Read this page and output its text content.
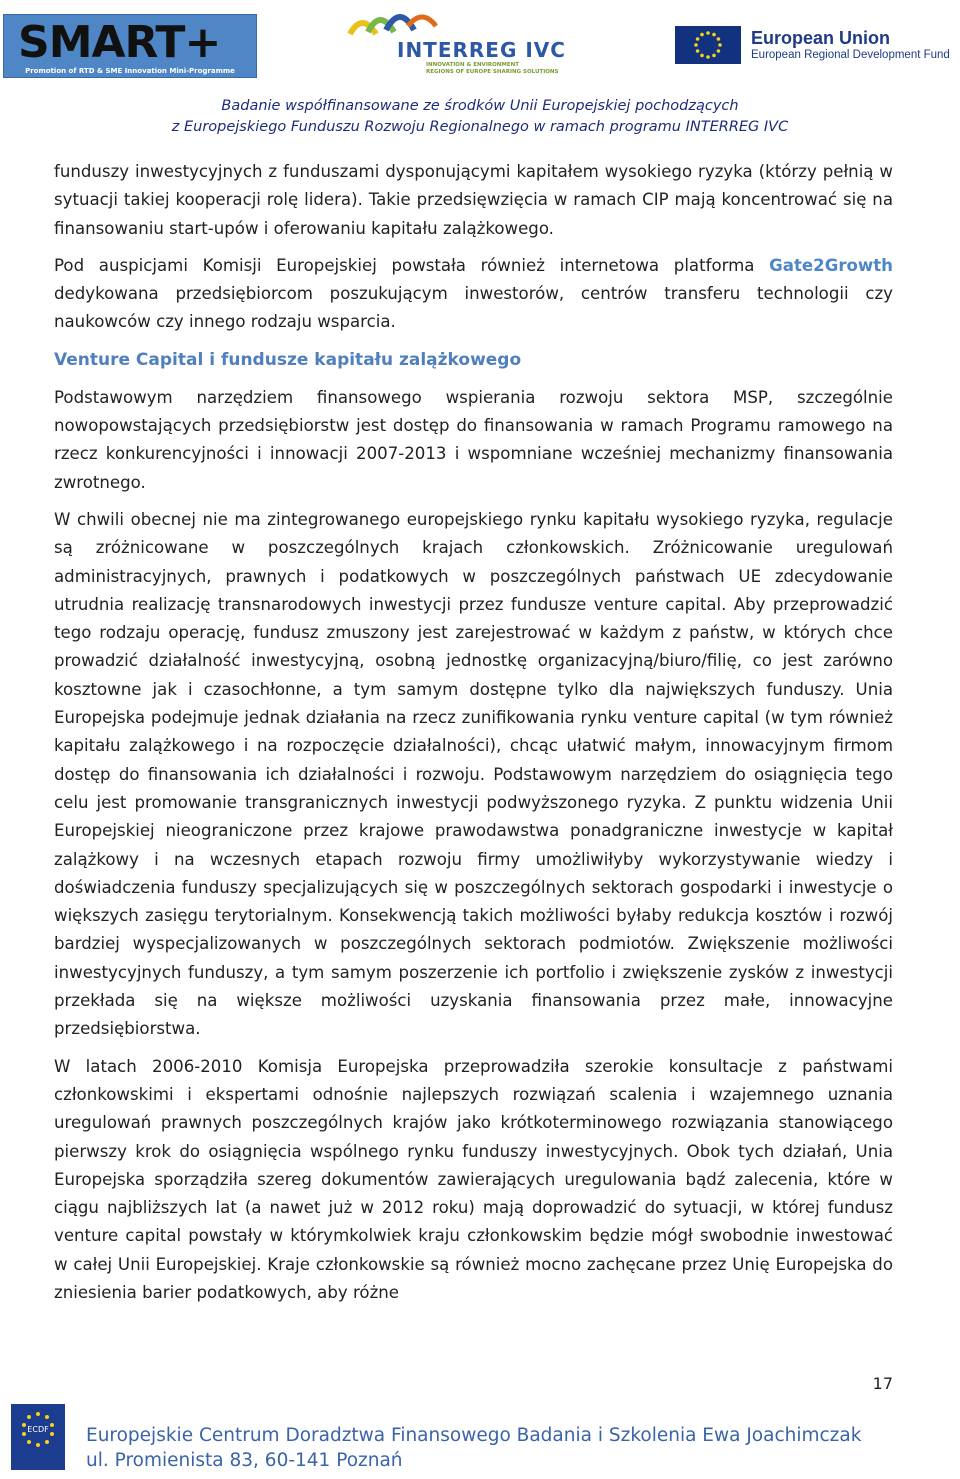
SMART+
Promotion of RTD & SME Innovation Mini-Programme
INTERREG IVC
INNOVATION & ENVIRONMENT
REGIONS OF EUROPE SHARING SOLUTIONS
European Union
European Regional Development Fund
Badanie współfinansowane ze środków Unii Europejskiej pochodzących
z Europejskiego Funduszu Rozwoju Regionalnego w ramach programu INTERREG IVC

funduszy inwestycyjnych z funduszami dysponującymi kapitałem wysokiego ryzyka (którzy pełnią w sytuacji takiej kooperacji rolę lidera). Takie przedsięwzięcia w ramach CIP mają koncentrować się na finansowaniu start-upów i oferowaniu kapitału zalążkowego.

Pod auspicjami Komisji Europejskiej powstała również internetowa platforma Gate2Growth dedykowana przedsiębiorcom poszukującym inwestorów, centrów transferu technologii czy naukowców czy innego rodzaju wsparcia.

Venture Capital i fundusze kapitału zalążkowego

Podstawowym narzędziem finansowego wspierania rozwoju sektora MSP, szczególnie nowopowstających przedsiębiorstw jest dostęp do finansowania w ramach Programu ramowego na rzecz konkurencyjności i innowacji 2007-2013 i wspomniane wcześniej mechanizmy finansowania zwrotnego.

W chwili obecnej nie ma zintegrowanego europejskiego rynku kapitału wysokiego ryzyka, regulacje są zróżnicowane w poszczególnych krajach członkowskich. Zróżnicowanie uregulowań administracyjnych, prawnych i podatkowych w poszczególnych państwach UE zdecydowanie utrudnia realizację transnarodowych inwestycji przez fundusze venture capital. Aby przeprowadzić tego rodzaju operację, fundusz zmuszony jest zarejestrować w każdym z państw, w których chce prowadzić działalność inwestycyjną, osobną jednostkę organizacyjną/biuro/filię, co jest zarówno kosztowne jak i czasochłonne, a tym samym dostępne tylko dla największych funduszy. Unia Europejska podejmuje jednak działania na rzecz zunifikowania rynku venture capital (w tym również kapitału zalążkowego i na rozpoczęcie działalności), chcąc ułatwić małym, innowacyjnym firmom dostęp do finansowania ich działalności i rozwoju. Podstawowym narzędziem do osiągnięcia tego celu jest promowanie transgranicznych inwestycji podwyższonego ryzyka. Z punktu widzenia Unii Europejskiej nieograniczone przez krajowe prawodawstwa ponadgraniczne inwestycje w kapitał zalążkowy i na wczesnych etapach rozwoju firmy umożliwiłyby wykorzystywanie wiedzy i doświadczenia funduszy specjalizujących się w poszczególnych sektorach gospodarki i inwestycje o większych zasięgu terytorialnym. Konsekwencją takich możliwości byłaby redukcja kosztów i rozwój bardziej wyspecjalizowanych w poszczególnych sektorach podmiotów. Zwiększenie możliwości inwestycyjnych funduszy, a tym samym poszerzenie ich portfolio i zwiększenie zysków z inwestycji przekłada się na większe możliwości uzyskania finansowania przez małe, innowacyjne przedsiębiorstwa.

W latach 2006-2010 Komisja Europejska przeprowadziła szerokie konsultacje z państwami członkowskimi i ekspertami odnośnie najlepszych rozwiązań scalenia i wzajemnego uznania uregulowań prawnych poszczególnych krajów jako krótkoterminowego rozwiązania stanowiącego pierwszy krok do osiągnięcia wspólnego rynku funduszy inwestycyjnych. Obok tych działań, Unia Europejska sporządziła szereg dokumentów zawierających uregulowania bądź zalecenia, które w ciągu najbliższych lat (a nawet już w 2012 roku) mają doprowadzić do sytuacji, w której fundusz venture capital powstały w którymkolwiek kraju członkowskim będzie mógł swobodnie inwestować w całej Unii Europejskiej. Kraje członkowskie są również mocno zachęcane przez Unię Europejska do zniesienia barier podatkowych, aby różne

17
ECDF Europejskie Centrum Doradztwa Finansowego Badania i Szkolenia Ewa Joachimczak
ul. Promienista 83, 60-141 Poznań
